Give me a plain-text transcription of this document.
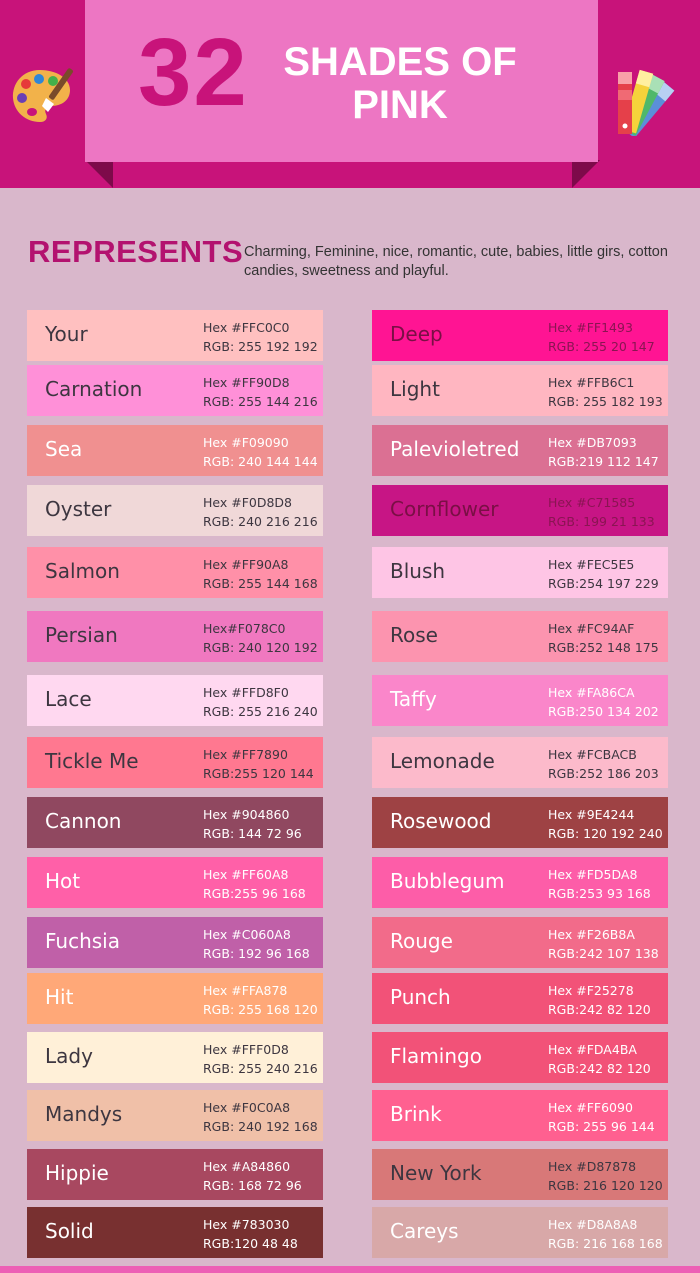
32 SHADES OF
PINK
REPRESENTS Charming, Feminine, nice, romantic, cute, babies, little girs, cotton candies, sweetness and playful.
Your	Hex #FFC0C0
RGB: 255 192 192
Carnation	Hex #FF90D8
RGB: 255 144 216
Sea	Hex #F09090
RGB: 240 144 144
Oyster	Hex #F0D8D8
RGB: 240 216 216
Salmon	Hex #FF90A8
RGB: 255 144 168
Persian	Hex#F078C0
RGB: 240 120 192
Lace	Hex #FFD8F0
RGB: 255 216 240
Tickle Me	Hex #FF7890
RGB:255 120 144
Cannon	Hex #904860
RGB: 144 72 96
Hot	Hex #FF60A8
RGB:255 96 168
Fuchsia	Hex #C060A8
RGB: 192 96 168
Hit	Hex #FFA878
RGB: 255 168 120
Lady	Hex #FFF0D8
RGB: 255 240 216
Mandys	Hex #F0C0A8
RGB: 240 192 168
Hippie	Hex #A84860
RGB: 168 72 96
Solid	Hex #783030
RGB:120 48 48
Deep	Hex #FF1493
RGB: 255 20 147
Light	Hex #FFB6C1
RGB: 255 182 193
Palevioletred Hex #DB7093
RGB:219 112 147
Cornflower	Hex #C71585
RGB: 199 21 133
Blush	Hex #FEC5E5
RGB:254 197 229
Rose	Hex #FC94AF
RGB:252 148 175
Taffy	Hex #FA86CA
RGB:250 134 202
Lemonade	Hex #FCBACB
RGB:252 186 203
Rosewood	Hex #9E4244
RGB: 120 192 240
Bubblegum	Hex #FD5DA8
RGB:253 93 168
Rouge	Hex #F26B8A
RGB:242 107 138
Punch	Hex #F25278
RGB:242 82 120
Flamingo	Hex #FDA4BA
RGB:242 82 120
Brink	Hex #FF6090
RGB: 255 96 144
New York	Hex #D87878
RGB: 216 120 120
Careys	Hex #D8A8A8
RGB: 216 168 168
